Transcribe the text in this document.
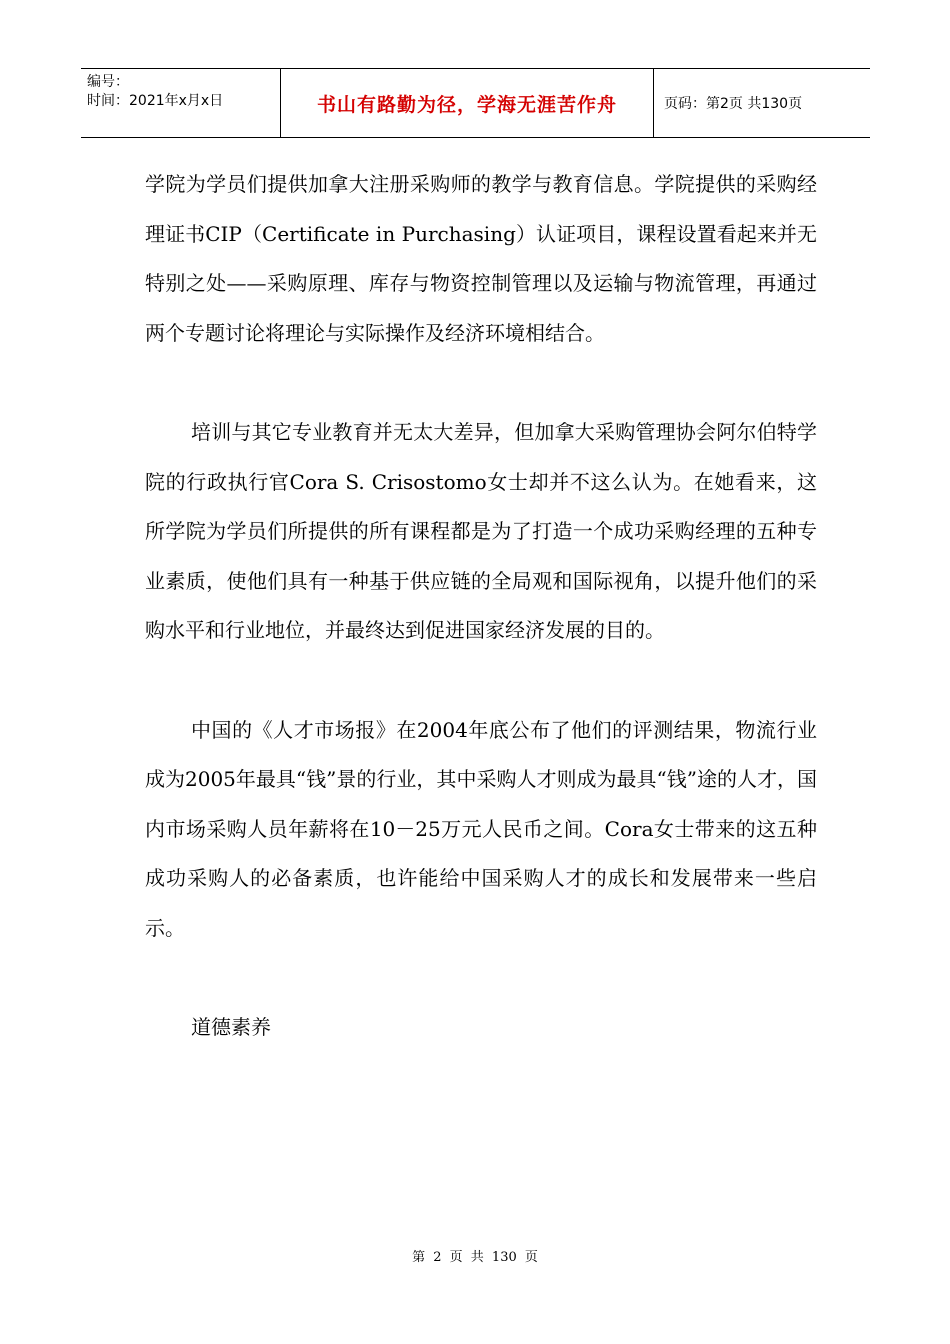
编号：
时间：2021年x月x日	书山有路勤为径，学海无涯苦作舟	页码：第2页 共130页

学院为学员们提供加拿大注册采购师的教学与教育信息。学院提供的采购经理证书CIP（Certificate in Purchasing）认证项目，课程设置看起来并无特别之处——采购原理、库存与物资控制管理以及运输与物流管理，再通过两个专题讨论将理论与实际操作及经济环境相结合。

培训与其它专业教育并无太大差异，但加拿大采购管理协会阿尔伯特学院的行政执行官Cora S. Crisostomo女士却并不这么认为。在她看来，这所学院为学员们所提供的所有课程都是为了打造一个成功采购经理的五种专业素质，使他们具有一种基于供应链的全局观和国际视角，以提升他们的采购水平和行业地位，并最终达到促进国家经济发展的目的。

中国的《人才市场报》在2004年底公布了他们的评测结果，物流行业成为2005年最具“钱”景的行业，其中采购人才则成为最具“钱”途的人才，国内市场采购人员年薪将在10－25万元人民币之间。Cora女士带来的这五种成功采购人的必备素质，也许能给中国采购人才的成长和发展带来一些启示。

道德素养

第 2 页 共 130 页
